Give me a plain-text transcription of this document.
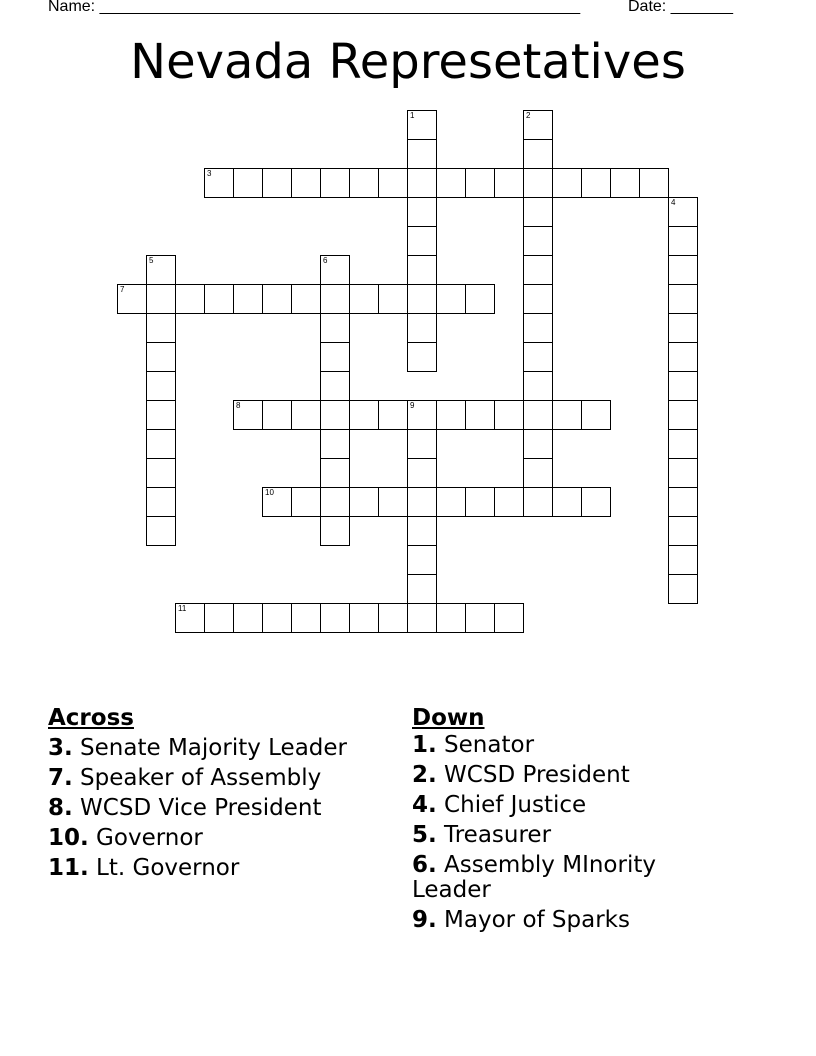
Name: ______________________________________________________

	Date: _______

Nevada Represetatives
1	2
3
4
5	6
7
8	9
10
11
Across
3. Senate Majority Leader
7. Speaker of Assembly
8. WCSD Vice President
10. Governor
11. Lt. Governor
Down
1. Senator
2. WCSD President
4. Chief Justice
5. Treasurer
6. Assembly MInority Leader
9. Mayor of Sparks
